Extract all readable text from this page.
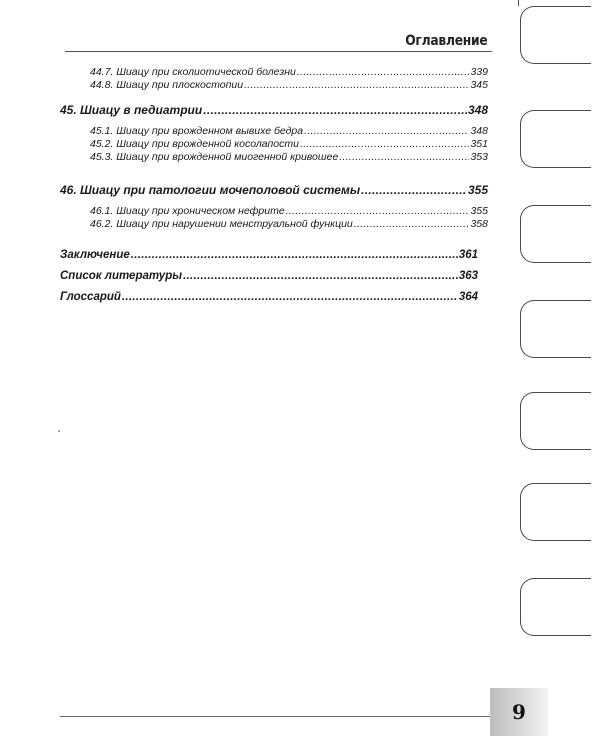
Оглавление
44.7. Шиацу при сколиотической болезни .....	339
44.8. Шиацу при плоскостопии .....	345
45. Шиацу в педиатрии .....	348
45.1. Шиацу при врожденном вывихе бедра .....	348
45.2. Шиацу при врожденной косолапости .....	351
45.3. Шиацу при врожденной миогенной кривошее .....	353
46. Шиацу при патологии мочеполовой системы .....	355
46.1. Шиацу при хроническом нефрите .....	355
46.2. Шиацу при нарушении менструальной функции .....	358
Заключение .....	361
Список литературы .....	363
Глоссарий .....	364
9
